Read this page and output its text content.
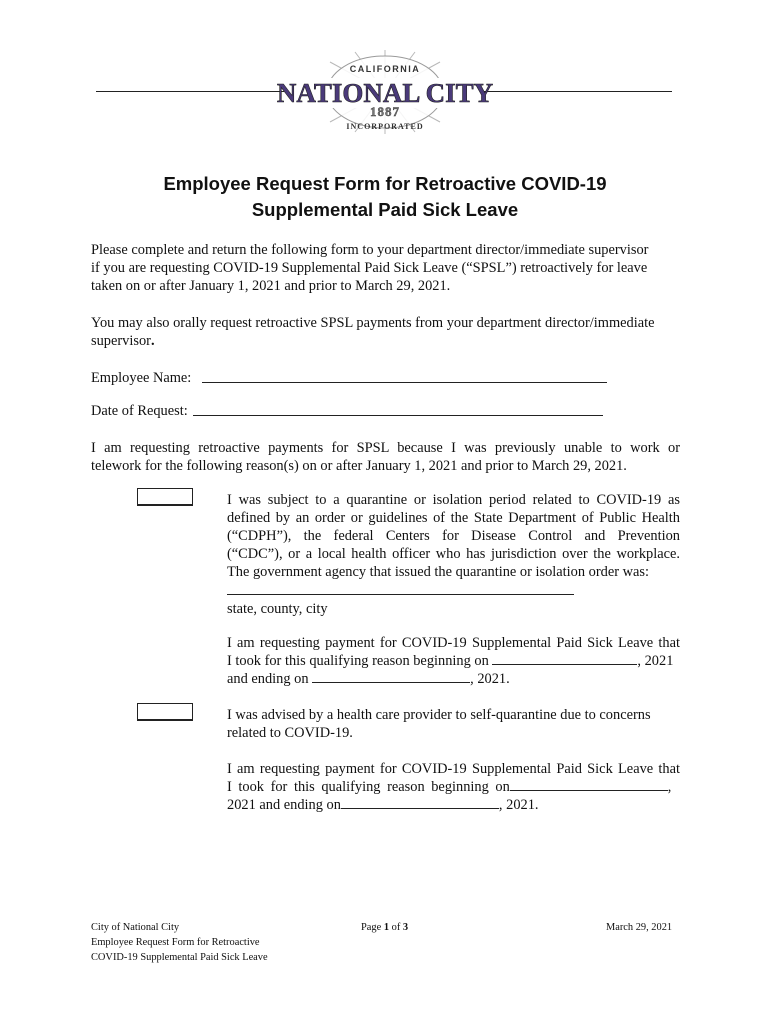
CALIFORNIA
NATIONAL CITY
1887
INCORPORATED
Employee Request Form for Retroactive COVID-19
Supplemental Paid Sick Leave
Please complete and return the following form to your department director/immediate supervisor
if you are requesting COVID-19 Supplemental Paid Sick Leave (“SPSL”) retroactively for leave
taken on or after January 1, 2021 and prior to March 29, 2021.
You may also orally request retroactive SPSL payments from your department director/immediate
supervisor.
Employee Name:
Date of Request:
I am requesting retroactive payments for SPSL because I was previously unable to work or
telework for the following reason(s) on or after January 1, 2021 and prior to March 29, 2021.
I was subject to a quarantine or isolation period related to COVID-19 as
defined by an order or guidelines of the State Department of Public Health
(“CDPH”), the federal Centers for Disease Control and Prevention
(“CDC”), or a local health officer who has jurisdiction over the workplace.
The government agency that issued the quarantine or isolation order was:
state, county, city
I am requesting payment for COVID-19 Supplemental Paid Sick Leave that
I took for this qualifying reason beginning on	, 2021
and ending on	, 2021.
I was advised by a health care provider to self-quarantine due to concerns
related to COVID-19.
I am requesting payment for COVID-19 Supplemental Paid Sick Leave that
I took for this qualifying reason beginning on	,
2021 and ending on	, 2021.
City of National City
Employee Request Form for Retroactive
COVID-19 Supplemental Paid Sick Leave
Page 1 of 3	March 29, 2021
